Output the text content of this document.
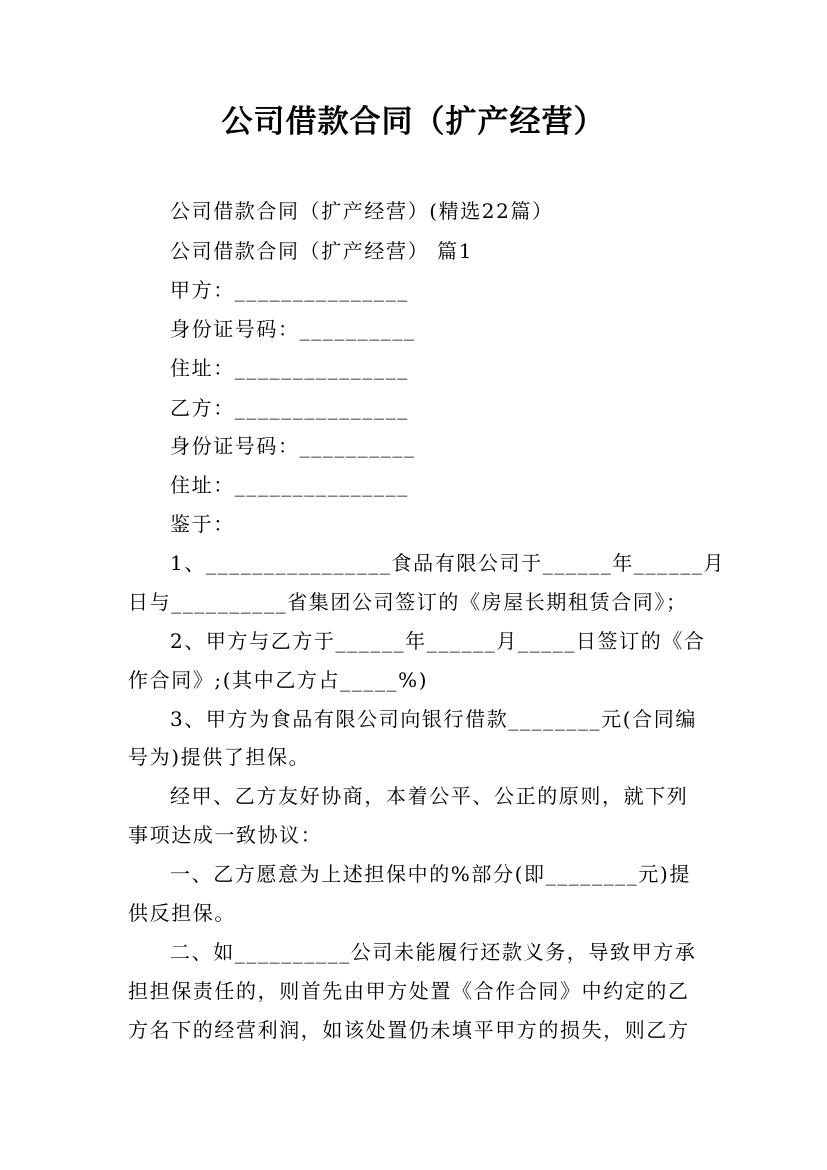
公司借款合同（扩产经营）
公司借款合同（扩产经营）(精选22篇）
公司借款合同（扩产经营） 篇1
甲方：_______________
身份证号码：__________
住址：_______________
乙方：_______________
身份证号码：__________
住址：_______________
鉴于：
1、________________食品有限公司于______年______月
日与__________省集团公司签订的《房屋长期租赁合同》；
2、甲方与乙方于______年______月_____日签订的《合
作合同》;(其中乙方占_____%)
3、甲方为食品有限公司向银行借款________元(合同编
号为)提供了担保。
经甲、乙方友好协商，本着公平、公正的原则，就下列
事项达成一致协议：
一、乙方愿意为上述担保中的%部分(即________元)提
供反担保。
二、如__________公司未能履行还款义务，导致甲方承
担担保责任的，则首先由甲方处置《合作合同》中约定的乙
方名下的经营利润，如该处置仍未填平甲方的损失，则乙方
